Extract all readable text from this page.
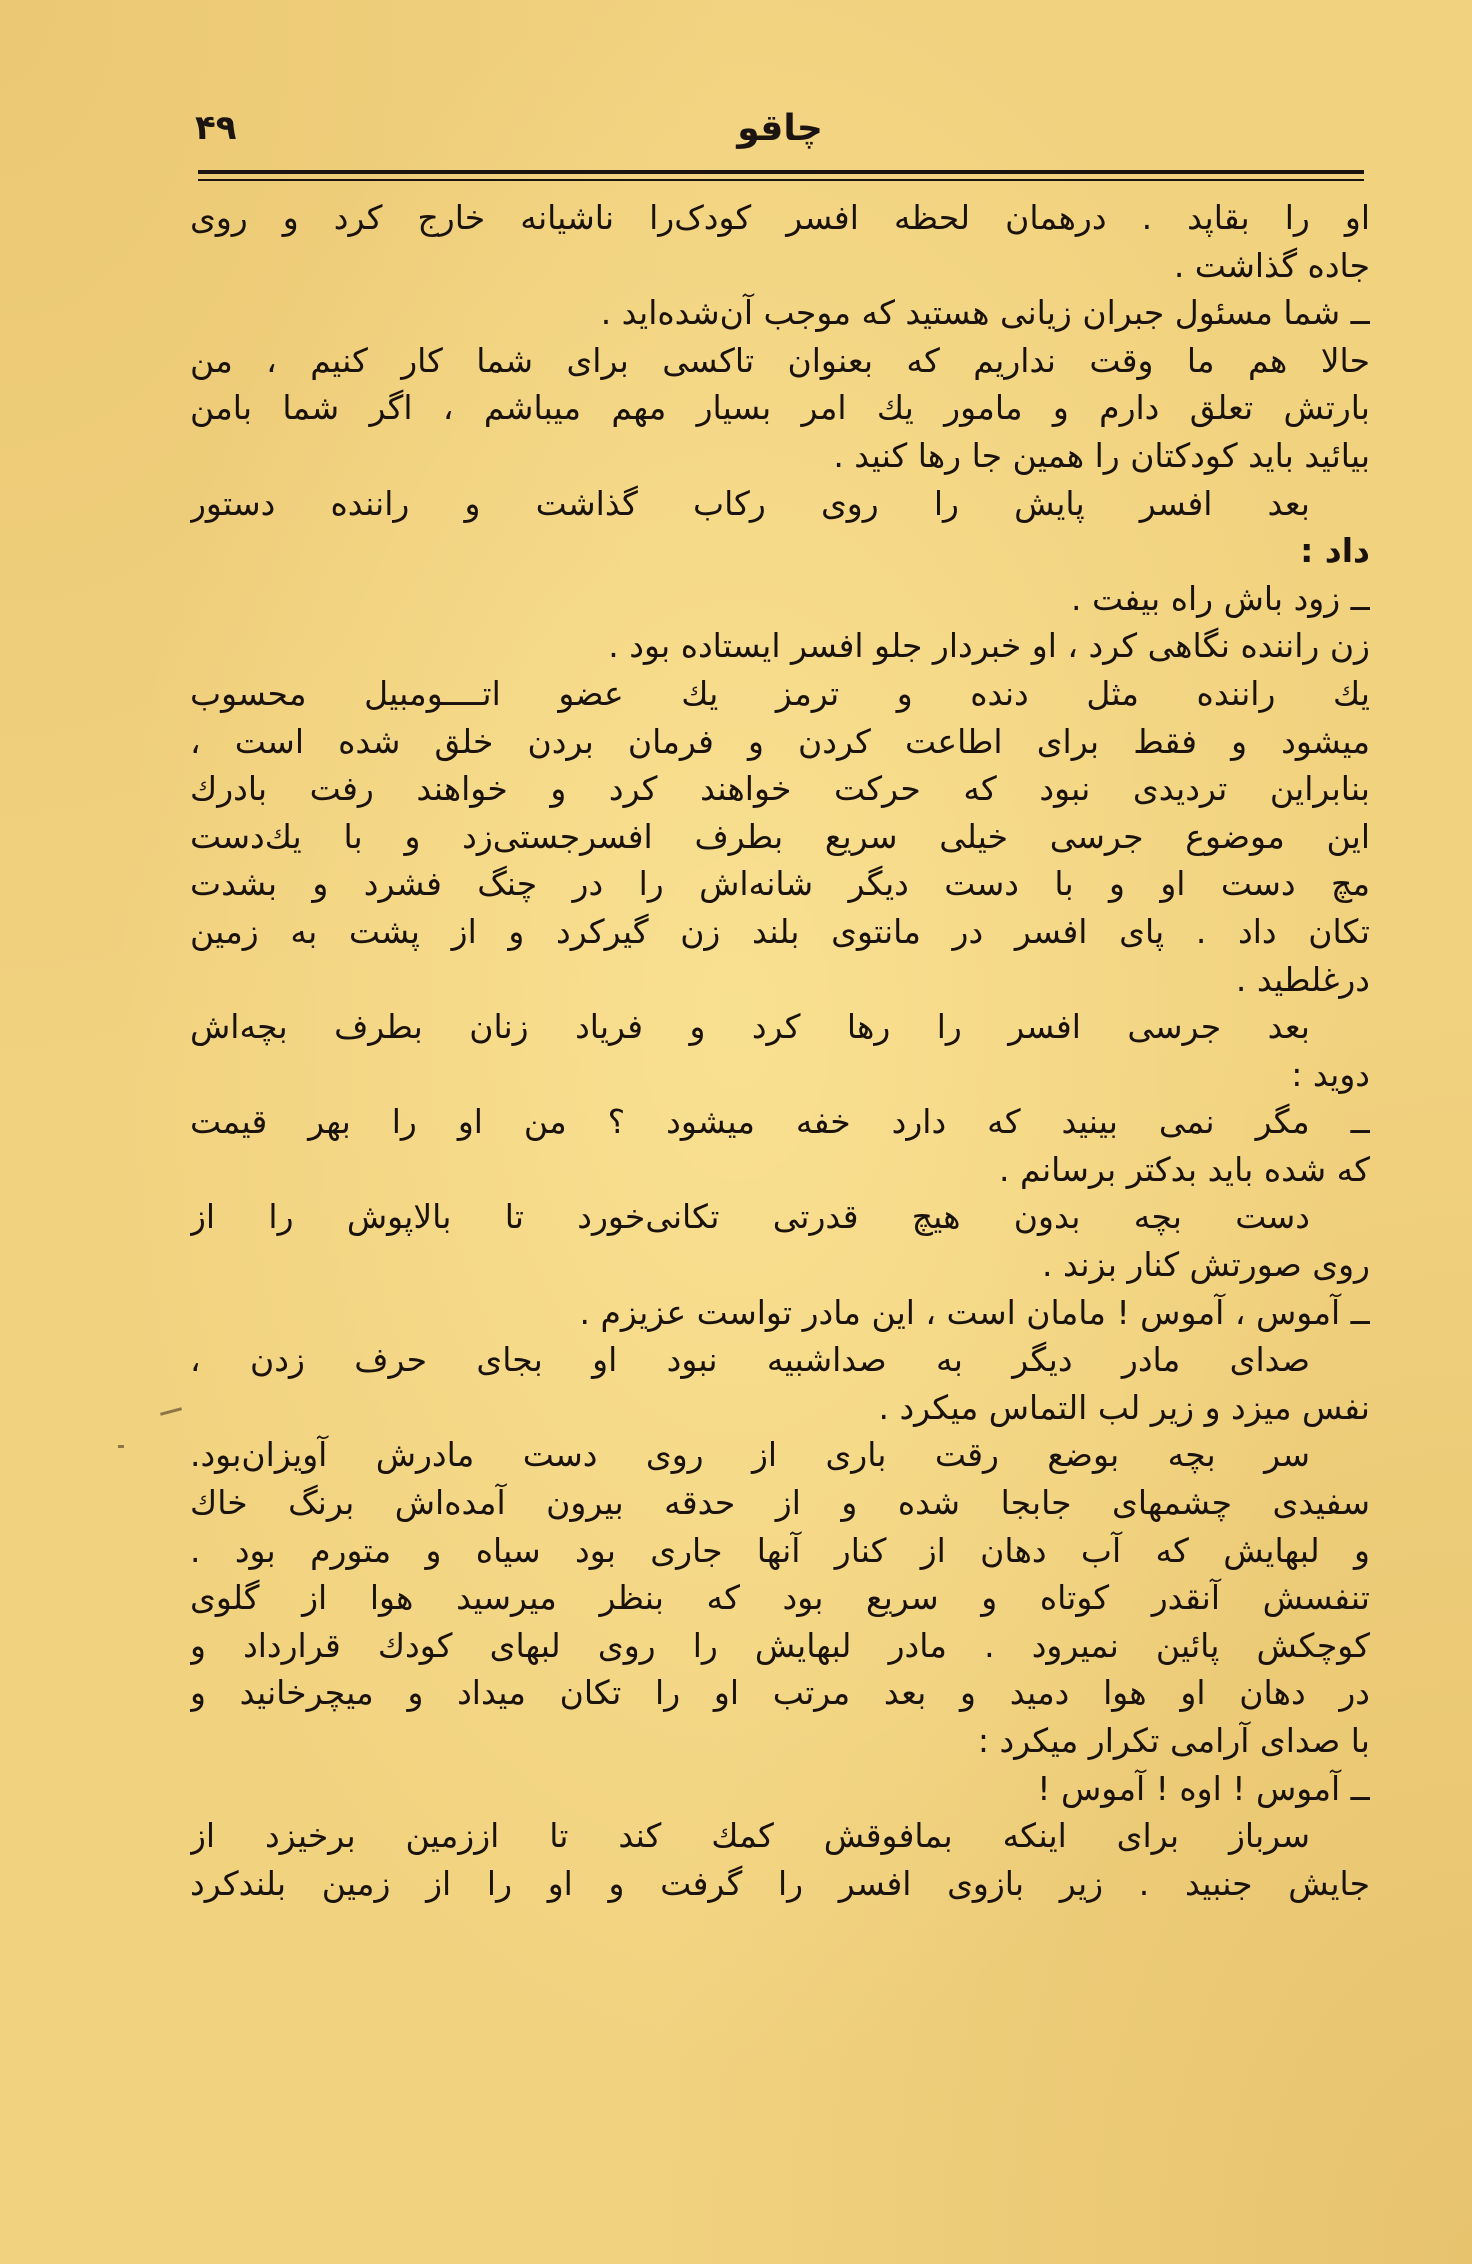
۴۹	چاقو
او را بقاپد . درهمان لحظه افسر کودک‌را ناشیانه خارج کرد و روی
جاده گذاشت .
ــ شما مسئول جبران زیانی هستید که موجب آن‌شده‌اید .
حالا هم ما وقت نداریم که بعنوان تاکسی برای شما کار کنیم ، من
بارتش تعلق دارم و مامور یك امر بسیار مهم میباشم ، اگر شما بامن
بیائید باید کودکتان را همین جا رها کنید .
بعد افسر پایش را روی رکاب گذاشت و راننده دستور
داد :
ــ زود باش راه بیفت .
زن راننده نگاهی کرد ، او خبردار جلو افسر ایستاده بود .
یك راننده مثل دنده و ترمز یك عضو اتــــومبیل محسوب
میشود و فقط برای اطاعت کردن و فرمان بردن خلق شده است ،
بنابراین تردیدی نبود که حرکت خواهند کرد و خواهند رفت بادرك
این موضوع جرسی خیلی سریع بطرف افسرجستی‌زد و با یك‌دست
مچ دست او و با دست دیگر شانه‌اش را در چنگ فشرد و بشدت
تکان داد . پای افسر در مانتوی بلند زن گیرکرد و از پشت به زمین
درغلطید .
بعد جرسی افسر را رها کرد و فریاد زنان بطرف بچه‌اش
دوید :
ــ مگر نمی بینید که دارد خفه میشود ؟ من او را بهر قیمت
که شده باید بدکتر برسانم .
دست بچه بدون هیچ قدرتی تکانی‌خورد تا بالاپوش را از
روی صورتش کنار بزند .
ــ آموس ، آموس ! مامان است ، این مادر تواست عزیزم .
صدای مادر دیگر به صداشبیه نبود او بجای حرف زدن ،
نفس میزد و زیر لب التماس میکرد .
سر بچه بوضع رقت باری از روی دست مادرش آویزان‌بود.
سفیدی چشمهای جابجا شده و از حدقه بیرون آمده‌اش برنگ خاك
و لبهایش که آب دهان از کنار آنها جاری بود سیاه و متورم بود .
تنفسش آنقدر کوتاه و سریع بود که بنظر میرسید هوا از گلوی
کوچکش پائین نمیرود . مادر لبهایش را روی لبهای کودك قرارداد و
در دهان او هوا دمید و بعد مرتب او را تکان میداد و میچرخانید و
با صدای آرامی تکرار میکرد :
ــ آموس ! اوه ! آموس !
سرباز برای اینکه بمافوقش کمك کند تا اززمین برخیزد از
جایش جنبید . زیر بازوی افسر را گرفت و او را از زمین بلندکرد
